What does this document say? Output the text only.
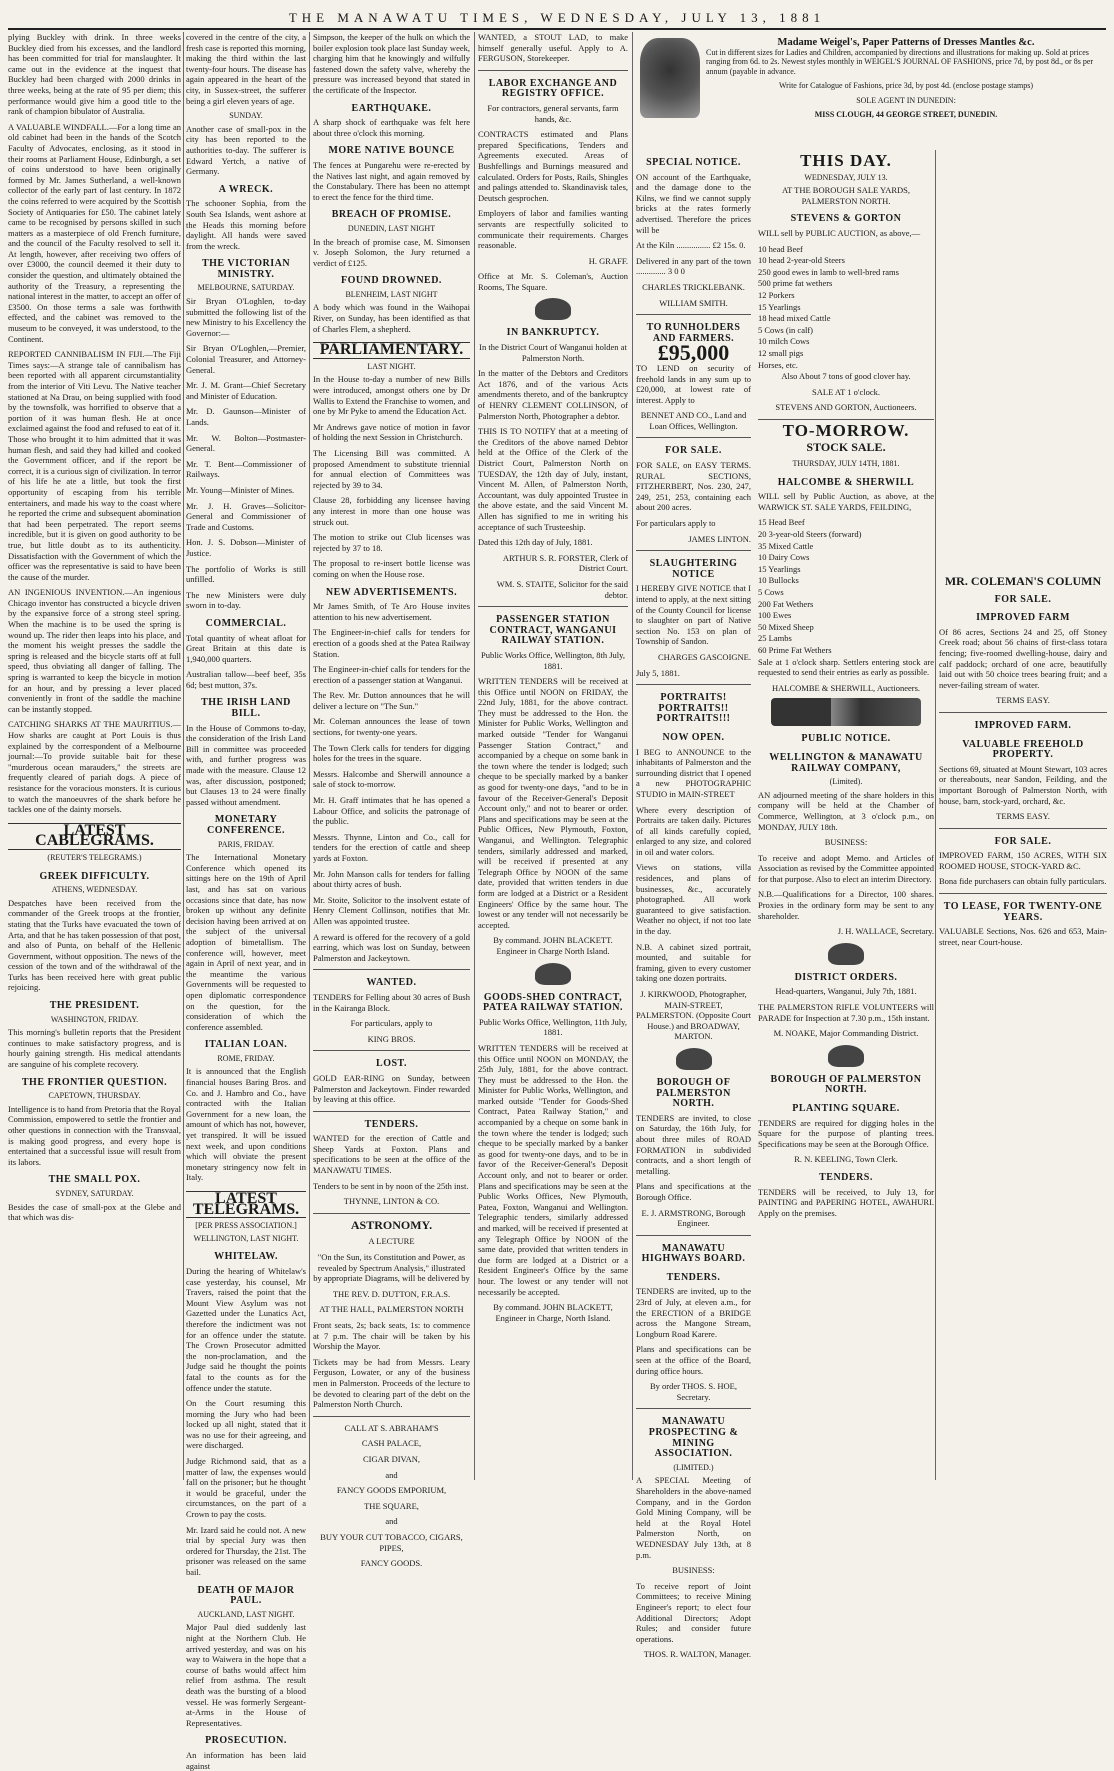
THE MANAWATU TIMES, WEDNESDAY, JULY 13, 1881

plying Buckley with drink. In three weeks Buckley died from his excesses, and the landlord has been committed for trial for manslaughter. It came out in the evidence at the inquest that Buckley had been charged with 2000 drinks in three weeks, being at the rate of 95 per diem; this performance would give him a good title to the rank of champion bibulator of Australia.

A VALUABLE WINDFALL.—For a long time an old cabinet had been in the hands of the Scotch Faculty of Advocates, enclosing, as it stood in their rooms at Parliament House, Edinburgh, a set of coins understood to have been originally formed by Mr. James Sutherland, a well-known collector of the early part of last century. In 1872 the coins referred to were acquired by the Scottish Society of Antiquaries for £50. The cabinet lately came to be recognised by persons skilled in such matters as a masterpiece of old French furniture, and the council of the Faculty resolved to sell it. At length, however, after receiving two offers of over £3000, the council deemed it their duty to consider the question, and ultimately obtained the authority of the Treasury, a representing the national interest in the matter, to accept an offer of £3500. On those terms a sale was forthwith effected, and the cabinet was removed to the museum to be conveyed, it was understood, to the Continent.

REPORTED CANNIBALISM IN FIJI.—The Fiji Times says:—A strange tale of cannibalism has been reported with all apparent circumstantiality from the interior of Viti Levu. The Native teacher stationed at Na Drau, on being supplied with food by the townsfolk, was horrified to observe that a portion of it was human flesh. He at once exclaimed against the food and refused to eat of it. Those who brought it to him admitted that it was human flesh, and said they had killed and cooked the Government officer, and if the report be correct, it is a curious sign of civilization. In terror of his life he ate a little, but took the first opportunity of escaping from his terrible entertainers, and made his way to the coast where he reported the crime and subsequent abomination that had been perpetrated. The report seems incredible, but it is given on good authority to be true, but little doubt as to its authenticity. Dissatisfaction with the Government of which the officer was the representative is said to have been the cause of the murder.

AN INGENIOUS INVENTION.—An ingenious Chicago inventor has constructed a bicycle driven by the expansive force of a strong steel spring. When the machine is to be used the spring is wound up. The rider then leaps into his place, and the moment his weight presses the saddle the spring is released and the bicycle starts off at full speed, thus obviating all danger of falling. The spring is warranted to keep the bicycle in motion for an hour, and by pressing a lever placed conveniently in front of the saddle the machine can be instantly stopped.

CATCHING SHARKS AT THE MAURITIUS.—How sharks are caught at Port Louis is thus explained by the correspondent of a Melbourne journal:—To provide suitable bait for these "murderous ocean marauders," the streets are frequently cleared of pariah dogs. A piece of resistance for the voracious monsters. It is curious to watch the manoeuvres of the shark before he tackles one of the dainty morsels.

LATEST CABLEGRAMS.
(REUTER'S TELEGRAMS.)
GREEK DIFFICULTY.
ATHENS, WEDNESDAY.

Despatches have been received from the commander of the Greek troops at the frontier, stating that the Turks have evacuated the town of Arta, and that he has taken possession of that post, and also of Punta, on behalf of the Hellenic Government, without opposition. The news of the cession of the town and of the withdrawal of the Turks has been received here with great public rejoicing.

THE PRESIDENT.
WASHINGTON, FRIDAY.

This morning's bulletin reports that the President continues to make satisfactory progress, and is hourly gaining strength. His medical attendants are sanguine of his complete recovery.

THE FRONTIER QUESTION.
CAPETOWN, THURSDAY.

Intelligence is to hand from Pretoria that the Royal Commission, empowered to settle the frontier and other questions in connection with the Transvaal, is making good progress, and every hope is entertained that a successful issue will result from its labors.

THE SMALL POX.
SYDNEY, SATURDAY.

Besides the case of small-pox at the Glebe and that which was dis-

covered in the centre of the city, a fresh case is reported this morning, making the third within the last twenty-four hours. The disease has again appeared in the heart of the city, in Sussex-street, the sufferer being a girl eleven years of age.

SUNDAY.

Another case of small-pox in the city has been reported to the authorities to-day. The sufferer is Edward Yertch, a native of Germany.

A WRECK.

The schooner Sophia, from the South Sea Islands, went ashore at the Heads this morning before daylight. All hands were saved from the wreck.

THE VICTORIAN MINISTRY.
MELBOURNE, SATURDAY.

Sir Bryan O'Loghlen, to-day submitted the following list of the new Ministry to his Excellency the Governor:—

Sir Bryan O'Loghlen,—Premier, Colonial Treasurer, and Attorney-General.

Mr. J. M. Grant—Chief Secretary and Minister of Education.

Mr. D. Gaunson—Minister of Lands.

Mr. W. Bolton—Postmaster-General.

Mr. T. Bent—Commissioner of Railways.

Mr. Young—Minister of Mines.

Mr. J. H. Graves—Solicitor-General and Commissioner of Trade and Customs.

Hon. J. S. Dobson—Minister of Justice.

The portfolio of Works is still unfilled.

The new Ministers were duly sworn in to-day.

COMMERCIAL.

Total quantity of wheat afloat for Great Britain at this date is 1,940,000 quarters.

Australian tallow—beef beef, 35s 6d; best mutton, 37s.

THE IRISH LAND BILL.

In the House of Commons to-day, the consideration of the Irish Land Bill in committee was proceeded with, and further progress was made with the measure. Clause 12 was, after discussion, postponed; but Clauses 13 to 24 were finally passed without amendment.

MONETARY CONFERENCE.
PARIS, FRIDAY.

The International Monetary Conference which opened its sittings here on the 19th of April last, and has sat on various occasions since that date, has now broken up without any definite decision having been arrived at on the subject of the universal adoption of bimetallism. The conference will, however, meet again in April of next year, and in the meantime the various Governments will be requested to open diplomatic correspondence on the question, for the consideration of which the conference assembled.

ITALIAN LOAN.
ROME, FRIDAY.

It is announced that the English financial houses Baring Bros. and Co. and J. Hambro and Co., have contracted with the Italian Government for a new loan, the amount of which has not, however, yet transpired. It will be issued next week, and upon conditions which will obviate the present monetary stringency now felt in Italy.

LATEST TELEGRAMS.
[PER PRESS ASSOCIATION.]
WELLINGTON, LAST NIGHT.
WHITELAW.

During the hearing of Whitelaw's case yesterday, his counsel, Mr Travers, raised the point that the Mount View Asylum was not Gazetted under the Lunatics Act, therefore the indictment was not for an offence under the statute. The Crown Prosecutor admitted the non-proclamation, and the Judge said he thought the points fatal to the counts as for the offence under the statute.

On the Court resuming this morning the Jury who had been locked up all night, stated that it was no use for their agreeing, and were discharged.

Judge Richmond said, that as a matter of law, the expenses would fall on the prisoner; but he thought it would be graceful, under the circumstances, on the part of a Crown to pay the costs.

Mr. Izard said he could not. A new trial by special Jury was then ordered for Thursday, the 21st. The prisoner was released on the same bail.

DEATH OF MAJOR PAUL.
AUCKLAND, LAST NIGHT.

Major Paul died suddenly last night at the Northern Club. He arrived yesterday, and was on his way to Waiwera in the hope that a course of baths would affect him relief from asthma. The result death was the bursting of a blood vessel. He was formerly Sergeant-at-Arms in the House of Representatives.

PROSECUTION.

An information has been laid against

Simpson, the keeper of the hulk on which the boiler explosion took place last Sunday week, charging him that he knowingly and wilfully fastened down the safety valve, whereby the pressure was increased beyond that stated in the certificate of the Inspector.

EARTHQUAKE.

A sharp shock of earthquake was felt here about three o'clock this morning.

MORE NATIVE BOUNCE

The fences at Pungarehu were re-erected by the Natives last night, and again removed by the Constabulary. There has been no attempt to erect the fence for the third time.

BREACH OF PROMISE.
DUNEDIN, LAST NIGHT

In the breach of promise case, M. Simonsen v. Joseph Solomon, the Jury returned a verdict of £125.

FOUND DROWNED.
BLENHEIM, LAST NIGHT

A body which was found in the Waihopai River, on Sunday, has been identified as that of Charles Flem, a shepherd.

PARLIAMENTARY.
LAST NIGHT.

In the House to-day a number of new Bills were introduced, amongst others one by Dr Wallis to Extend the Franchise to women, and one by Mr Pyke to amend the Education Act.

Mr Andrews gave notice of motion in favor of holding the next Session in Christchurch.

The Licensing Bill was committed. A proposed Amendment to substitute triennial for annual election of Committees was rejected by 39 to 34.

Clause 28, forbidding any licensee having any interest in more than one house was struck out.

The motion to strike out Club licenses was rejected by 37 to 18.

The proposal to re-insert bottle license was coming on when the House rose.

NEW ADVERTISEMENTS.

Mr James Smith, of Te Aro House invites attention to his new advertisement.

The Engineer-in-chief calls for tenders for erection of a goods shed at the Patea Railway Station.

The Engineer-in-chief calls for tenders for the erection of a passenger station at Wanganui.

The Rev. Mr. Dutton announces that he will deliver a lecture on "The Sun."

Mr. Coleman announces the lease of town sections, for twenty-one years.

The Town Clerk calls for tenders for digging holes for the trees in the square.

Messrs. Halcombe and Sherwill announce a sale of stock to-morrow.

Mr. H. Graff intimates that he has opened a Labour Office, and solicits the patronage of the public.

Messrs. Thynne, Linton and Co., call for tenders for the erection of cattle and sheep yards at Foxton.

Mr. John Manson calls for tenders for falling about thirty acres of bush.

Mr. Stoite, Solicitor to the insolvent estate of Henry Clement Collinson, notifies that Mr. Allen was appointed trustee.

A reward is offered for the recovery of a gold earring, which was lost on Sunday, between Palmerston and Jackeytown.

WANTED.

TENDERS for Felling about 30 acres of Bush in the Kairanga Block.

For particulars, apply to

KING BROS.

LOST.

GOLD EAR-RING on Sunday, between Palmerston and Jackeytown. Finder rewarded by leaving at this office.

TENDERS.

WANTED for the erection of Cattle and Sheep Yards at Foxton. Plans and specifications to be seen at the office of the MANAWATU TIMES.

Tenders to be sent in by noon of the 25th inst.

THYNNE, LINTON & CO.

ASTRONOMY.

A LECTURE

"On the Sun, its Constitution and Power, as revealed by Spectrum Analysis," illustrated by appropriate Diagrams, will be delivered by

THE REV. D. DUTTON, F.R.A.S.

AT THE HALL, PALMERSTON NORTH

Front seats, 2s; back seats, 1s: to commence at 7 p.m. The chair will be taken by his Worship the Mayor.

Tickets may be had from Messrs. Leary Ferguson, Lowater, or any of the business men in Palmerston. Proceeds of the lecture to be devoted to clearing part of the debt on the Palmerston North Church.

CALL AT S. ABRAHAM'S

CASH PALACE,

CIGAR DIVAN,

and

FANCY GOODS EMPORIUM,

THE SQUARE,

and

BUY YOUR CUT TOBACCO, CIGARS, PIPES,

FANCY GOODS.

WANTED, a STOUT LAD, to make himself generally useful. Apply to A. FERGUSON, Storekeeper.

LABOR EXCHANGE AND REGISTRY OFFICE.

For contractors, general servants, farm hands, &c.

CONTRACTS estimated and Plans prepared Specifications, Tenders and Agreements executed. Areas of Bushfellings and Burnings measured and calculated. Orders for Posts, Rails, Shingles and palings attended to. Skandinavisk tales, Deutsch gesprochen.

Employers of labor and families wanting servants are respectfully solicited to communicate their requirements. Charges reasonable.

H. GRAFF.

Office at Mr. S. Coleman's, Auction Rooms, The Square.

IN BANKRUPTCY.

In the District Court of Wanganui holden at Palmerston North.

In the matter of the Debtors and Creditors Act 1876, and of the various Acts amendments thereto, and of the bankruptcy of HENRY CLEMENT COLLINSON, of Palmerston North, Photographer a debtor.

THIS IS TO NOTIFY that at a meeting of the Creditors of the above named Debtor held at the Office of the Clerk of the District Court, Palmerston North on TUESDAY, the 12th day of July, instant, Vincent M. Allen, of Palmerston North, Accountant, was duly appointed Trustee in the above estate, and the said Vincent M. Allen has signified to me in writing his acceptance of such Trusteeship.

Dated this 12th day of July, 1881.

ARTHUR S. R. FORSTER, Clerk of District Court.

WM. S. STAITE, Solicitor for the said debtor.

PASSENGER STATION CONTRACT, WANGANUI RAILWAY STATION.

Public Works Office, Wellington, 8th July, 1881.

WRITTEN TENDERS will be received at this Office until NOON on FRIDAY, the 22nd July, 1881, for the above contract. They must be addressed to the Hon. the Minister for Public Works, Wellington and marked outside "Tender for Wanganui Passenger Station Contract," and accompanied by a cheque on some bank in the town where the tender is lodged; such cheque to be specially marked by a banker as good for twenty-one days, "and to be in favour of the Receiver-General's Deposit Account only," and not to bearer or order. Plans and specifications may be seen at the Public Offices, New Plymouth, Foxton, Wanganui, and Wellington. Telegraphic tenders, similarly addressed and marked, will be received if presented at any Telegraph Office by NOON of the same date, provided that written tenders in due form are lodged at a District or a Resident Engineers' Office by the same hour. The lowest or any tender will not necessarily be accepted.

By command. JOHN BLACKETT. Engineer in Charge North Island.

GOODS-SHED CONTRACT, PATEA RAILWAY STATION.

Public Works Office, Wellington, 11th July, 1881.

WRITTEN TENDERS will be received at this Office until NOON on MONDAY, the 25th July, 1881, for the above contract. They must be addressed to the Hon. the Minister for Public Works, Wellington, and marked outside "Tender for Goods-Shed Contract, Patea Railway Station," and accompanied by a cheque on some bank in the town where the tender is lodged; such cheque to be specially marked by a banker as good for twenty-one days, and to be in favor of the Receiver-General's Deposit Account only, and not to bearer or order. Plans and specifications may be seen at the Public Works Offices, New Plymouth, Patea, Foxton, Wanganui and Wellington. Telegraphic tenders, similarly addressed and marked, will be received if presented at any Telegraph Office by NOON of the same date, provided that written tenders in due form are lodged at a District or a Resident Engineer's Office by the same hour. The lowest or any tender will not necessarily be accepted.

By command. JOHN BLACKETT, Engineer in Charge, North Island.

Madame Weigel's, Paper Patterns of Dresses Mantles &c.

Cut in different sizes for Ladies and Children, accompanied by directions and illustrations for making up. Sold at prices ranging from 6d. to 2s. Newest styles monthly in WEIGEL'S JOURNAL OF FASHIONS, price 7d, by post 8d., or 8s per annum (payable in advance.

Write for Catalogue of Fashions, price 3d, by post 4d. (enclose postage stamps)

SOLE AGENT IN DUNEDIN:

MISS CLOUGH, 44 GEORGE STREET, DUNEDIN.

SPECIAL NOTICE.

ON account of the Earthquake, and the damage done to the Kilns, we find we cannot supply bricks at the rates formerly advertised. Therefore the prices will be

At the Kiln ................ £2 15s. 0.

Delivered in any part of the town .............. 3 0 0

CHARLES TRICKLEBANK.

WILLIAM SMITH.

TO RUNHOLDERS AND FARMERS.
£95,000

TO LEND on security of freehold lands in any sum up to £20,000, at lowest rate of interest. Apply to

BENNET AND CO., Land and Loan Offices, Wellington.

FOR SALE.

FOR SALE, on EASY TERMS. RURAL SECTIONS, FITZHERBERT, Nos. 230, 247, 249, 251, 253, containing each about 200 acres.

For particulars apply to

JAMES LINTON.

SLAUGHTERING NOTICE

I HEREBY GIVE NOTICE that I intend to apply, at the next sitting of the County Council for license to slaughter on part of Native section No. 153 on plan of Township of Sandon.

CHARGES GASCOIGNE.

July 5, 1881.

PORTRAITS! PORTRAITS!! PORTRAITS!!!
NOW OPEN.

I BEG to ANNOUNCE to the inhabitants of Palmerston and the surrounding district that I opened a new PHOTOGRAPHIC STUDIO in MAIN-STREET

Where every description of Portraits are taken daily. Pictures of all kinds carefully copied, enlarged to any size, and colored in oil and water colors.

Views on stations, villa residences, and plans of businesses, &c., accurately photographed. All work guaranteed to give satisfaction. Weather no object, if not too late in the day.

N.B. A cabinet sized portrait, mounted, and suitable for framing, given to every customer taking one dozen portraits.

J. KIRKWOOD, Photographer, MAIN-STREET, PALMERSTON. (Opposite Court House.) and BROADWAY, MARTON.

BOROUGH OF PALMERSTON NORTH.

TENDERS are invited, to close on Saturday, the 16th July, for about three miles of ROAD FORMATION in subdivided contracts, and a short length of metalling.

Plans and specifications at the Borough Office.

E. J. ARMSTRONG, Borough Engineer.

MANAWATU HIGHWAYS BOARD.
TENDERS.

TENDERS are invited, up to the 23rd of July, at eleven a.m., for the ERECTION of a BRIDGE across the Mangone Stream, Longburn Road Karere.

Plans and specifications can be seen at the office of the Board, during office hours.

By order THOS. S. HOE, Secretary.

MANAWATU PROSPECTING & MINING ASSOCIATION.
(LIMITED.)

A SPECIAL Meeting of Shareholders in the above-named Company, and in the Gordon Gold Mining Company, will be held at the Royal Hotel Palmerston North, on WEDNESDAY July 13th, at 8 p.m.

BUSINESS:

To receive report of Joint Committees; to receive Mining Engineer's report; to elect four Additional Directors; Adopt Rules; and consider future operations.

THOS. R. WALTON, Manager.

THIS DAY.
WEDNESDAY, JULY 13.

AT THE BOROUGH SALE YARDS, PALMERSTON NORTH.

STEVENS & GORTON

WILL sell by PUBLIC AUCTION, as above,—

10 head Beef
10 head 2-year-old Steers
250 good ewes in lamb to well-bred rams
500 prime fat wethers
12 Porkers
15 Yearlings
18 head mixed Cattle
5 Cows (in calf)
10 milch Cows
12 small pigs
Horses, etc.

Also About 7 tons of good clover hay.

SALE AT 1 o'clock.

STEVENS AND GORTON, Auctioneers.

TO-MORROW.
STOCK SALE.
THURSDAY, JULY 14TH, 1881.
HALCOMBE & SHERWILL

WILL sell by Public Auction, as above, at the WARWICK ST. SALE YARDS, FEILDING,

15 Head Beef
20 3-year-old Steers (forward)
35 Mixed Cattle
10 Dairy Cows
15 Yearlings
10 Bullocks
5 Cows
200 Fat Wethers
100 Ewes
50 Mixed Sheep
25 Lambs
60 Prime Fat Wethers

Sale at 1 o'clock sharp. Settlers entering stock are requested to send their entries as early as possible.

HALCOMBE & SHERWILL, Auctioneers.

PUBLIC NOTICE.
WELLINGTON & MANAWATU RAILWAY COMPANY,
(Limited).

AN adjourned meeting of the share holders in this company will be held at the Chamber of Commerce, Wellington, at 3 o'clock p.m., on MONDAY, JULY 18th.

BUSINESS:

To receive and adopt Memo. and Articles of Association as revised by the Committee appointed for that purpose. Also to elect an interim Directory.

N.B.—Qualifications for a Director, 100 shares. Proxies in the ordinary form may be sent to any shareholder.

J. H. WALLACE, Secretary.

DISTRICT ORDERS.

Head-quarters, Wanganui, July 7th, 1881.

THE PALMERSTON RIFLE VOLUNTEERS will PARADE for Inspection at 7.30 p.m., 15th instant.

M. NOAKE, Major Commanding District.

BOROUGH OF PALMERSTON NORTH.
PLANTING SQUARE.

TENDERS are required for digging holes in the Square for the purpose of planting trees. Specifications may be seen at the Borough Office.

R. N. KEELING, Town Clerk.

TENDERS.

TENDERS will be received, to July 13, for PAINTING and PAPERING HOTEL, AWAHURI. Apply on the premises.

MR. COLEMAN'S COLUMN
FOR SALE.
IMPROVED FARM

Of 86 acres, Sections 24 and 25, off Stoney Creek road; about 56 chains of first-class totara fencing; five-roomed dwelling-house, dairy and calf paddock; orchard of one acre, beautifully laid out with 50 choice trees bearing fruit; and a never-failing stream of water.

TERMS EASY.

IMPROVED FARM.
VALUABLE FREEHOLD PROPERTY.

Sections 69, situated at Mount Stewart, 103 acres or thereabouts, near Sandon, Feilding, and the important Borough of Palmerston North, with house, barn, stock-yard, orchard, &c.

TERMS EASY.

FOR SALE.

IMPROVED FARM, 150 ACRES, WITH SIX ROOMED HOUSE, STOCK-YARD &C.

Bona fide purchasers can obtain fully particulars.

TO LEASE, FOR TWENTY-ONE YEARS.

VALUABLE Sections, Nos. 626 and 653, Main-street, near Court-house.
